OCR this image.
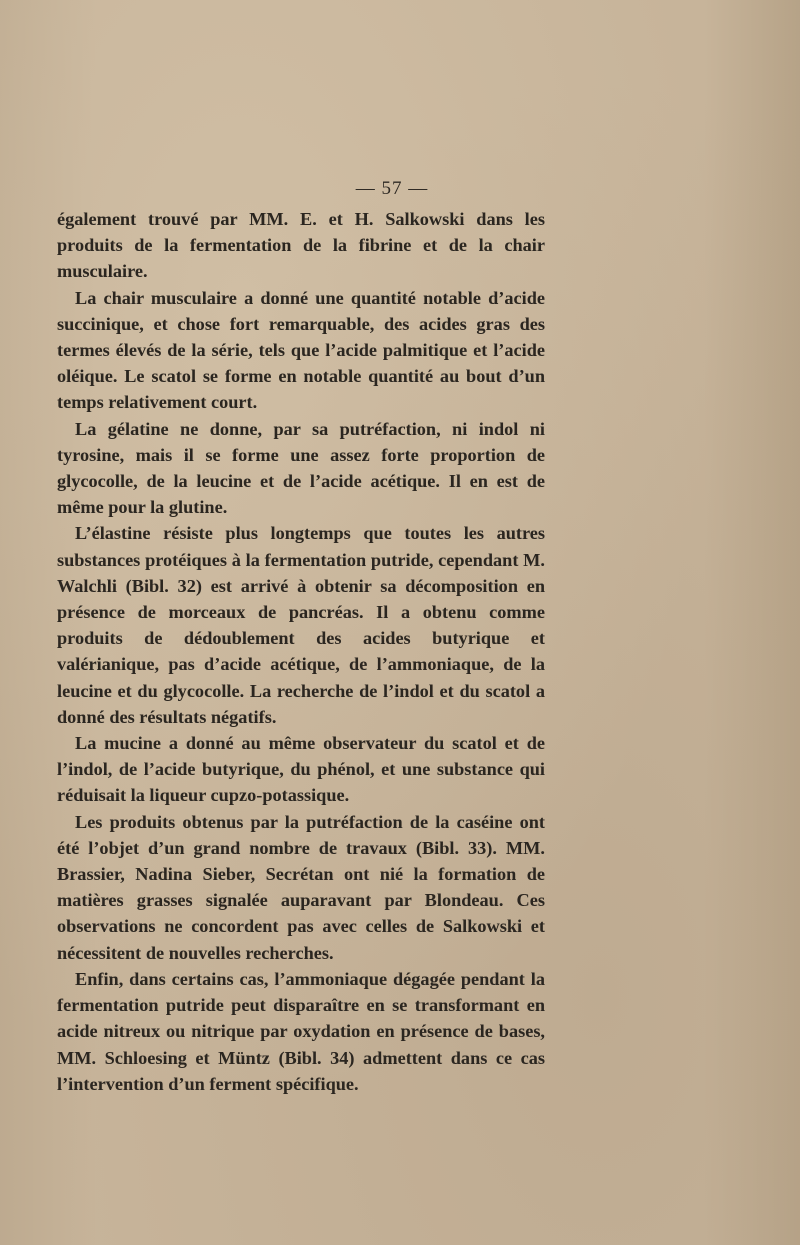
— 57 —

également trouvé par MM. E. et H. Salkowski dans les produits de la fermentation de la fibrine et de la chair musculaire.

La chair musculaire a donné une quantité notable d’acide succinique, et chose fort remarquable, des acides gras des termes élevés de la série, tels que l’acide palmitique et l’acide oléique. Le scatol se forme en notable quantité au bout d’un temps relativement court.

La gélatine ne donne, par sa putréfaction, ni indol ni tyrosine, mais il se forme une assez forte proportion de glycocolle, de la leucine et de l’acide acétique. Il en est de même pour la glutine.

L’élastine résiste plus longtemps que toutes les autres substances protéiques à la fermentation putride, cependant M. Walchli (Bibl. 32) est arrivé à obtenir sa décomposition en présence de morceaux de pancréas. Il a obtenu comme produits de dédoublement des acides butyrique et valérianique, pas d’acide acétique, de l’ammoniaque, de la leucine et du glycocolle. La recherche de l’indol et du scatol a donné des résultats négatifs.

La mucine a donné au même observateur du scatol et de l’indol, de l’acide butyrique, du phénol, et une substance qui réduisait la liqueur cupzo-potassique.

Les produits obtenus par la putréfaction de la caséine ont été l’objet d’un grand nombre de travaux (Bibl. 33). MM. Brassier, Nadina Sieber, Secrétan ont nié la formation de matières grasses signalée auparavant par Blondeau. Ces observations ne concordent pas avec celles de Salkowski et nécessitent de nouvelles recherches.

Enfin, dans certains cas, l’ammoniaque dégagée pendant la fermentation putride peut disparaître en se transformant en acide nitreux ou nitrique par oxydation en présence de bases, MM. Schloesing et Müntz (Bibl. 34) admettent dans ce cas l’intervention d’un ferment spécifique.
